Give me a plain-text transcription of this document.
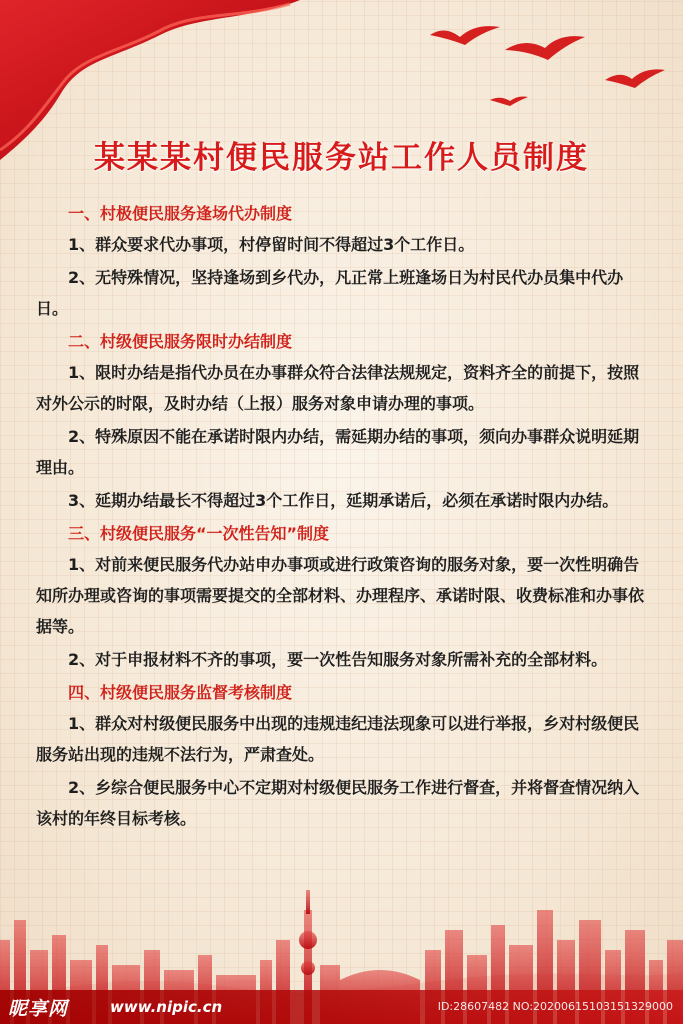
某某某村便民服务站工作人员制度

一、村极便民服务逢场代办制度

1、群众要求代办事项，村停留时间不得超过3个工作日。

2、无特殊情况，坚持逢场到乡代办，凡正常上班逢场日为村民代办员集中代办日。

二、村级便民服务限时办结制度

1、限时办结是指代办员在办事群众符合法律法规规定，资料齐全的前提下，按照对外公示的时限，及时办结（上报）服务对象申请办理的事项。

2、特殊原因不能在承诺时限内办结，需延期办结的事项，须向办事群众说明延期理由。

3、延期办结最长不得超过3个工作日，延期承诺后，必须在承诺时限内办结。

三、村级便民服务“一次性告知”制度

1、对前来便民服务代办站申办事项或进行政策咨询的服务对象，要一次性明确告知所办理或咨询的事项需要提交的全部材料、办理程序、承诺时限、收费标准和办事依据等。

2、对于申报材料不齐的事项，要一次性告知服务对象所需补充的全部材料。

四、村级便民服务监督考核制度

1、群众对村级便民服务中出现的违规违纪违法现象可以进行举报，乡对村级便民服务站出现的违规不法行为，严肃查处。

2、乡综合便民服务中心不定期对村级便民服务工作进行督查，并将督查情况纳入该村的年终目标考核。

昵享网	www.nipic.cn	ID:28607482 NO:20200615103151329000
